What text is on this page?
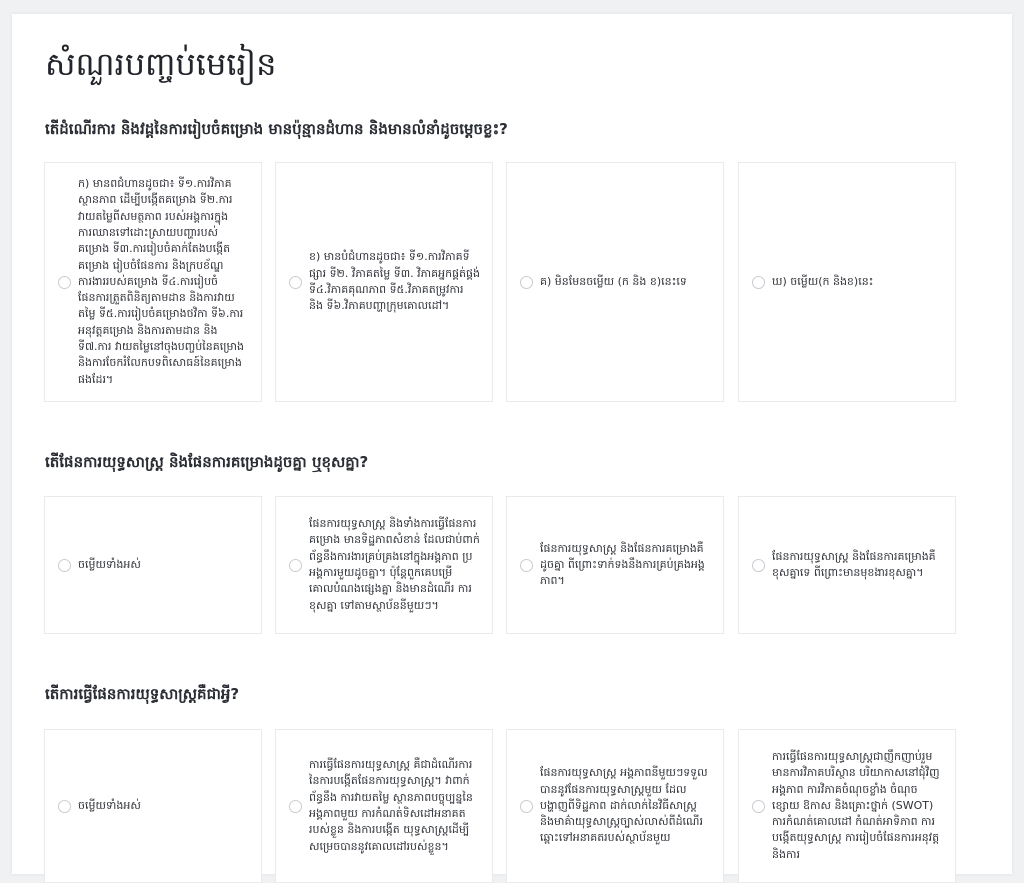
សំណួរបញ្ចប់មេរៀន
តើដំណើរការ និងវដ្តនៃការរៀបចំគម្រោង មានប៉ុន្មានដំហាន និងមានលំនាំដូចម្ដេចខ្លះ?
ក) មានពជំហានដូចជា៖ ទី១.ការវិភាគស្ថានភាព ដើម្បីបង្កើតគម្រោង ទី២.ការវាយតម្លៃពីសមត្ថភាព របស់អង្គការក្នុងការឈានទៅដោះស្រាយបញ្ហារបស់គម្រោង ទី៣.ការរៀបចំគាក់តែងបង្កើតគម្រោង រៀបចំផែនការ និងក្របខ័ណ្ឌការងាររបស់គម្រោង ទី៤.ការរៀបចំផែនការត្រួតពិនិត្យតាមដាន និងការវាយតម្លៃ ទី៥.ការរៀបចំគម្រោងថវិកា ទី៦.ការអនុវត្តគម្រោង និងការតាមដាន និង ទី៧.ការ វាយតម្លៃនៅចុងបញ្ចប់នៃគម្រោង និងការចែករំលែកបទពិសោធន៍នៃគម្រោងផងដែរ។
ខ) មានបំជំហានដូចជា៖ ទី១.ការវិភាគទីផ្សារ ទី២. វិភាគតម្លៃ ទី៣. វិភាគអ្នកផ្គត់ផ្គង់ ទី៤.វិភាគគុណភាព ទី៥.វិភាគតម្រូវការ និង ទី៦.វិភាគបញ្ហាក្រុមគោលដៅ។
គ) មិនមែនចម្លើយ (ក និង ខ)នេះទេ	ឃ) ចម្លើយ(ក និងខ)នេះ
តើផែនការយុទ្ធសាស្ត្រ និងផែនការគម្រោងដូចគ្នា ឬខុសគ្នា?
ចម្លើយទាំងអស់
ផែនការយុទ្ធសាស្ត្រ និងទាំងការធ្វើផែនការគម្រោង មានទិដ្ឋភាពសំខាន់ ដែលជាប់ពាក់ព័ន្ធនឹងការងារគ្រប់គ្រងនៅក្នុងអង្គភាព ប្រអង្គការមួយដូចគ្នា។ ប៉ុន្តែពួកគេបម្រើគោលបំណងផ្សេងគ្នា និងមានដំណើរ ការខុសគ្នា ទៅតាមស្ថាប័ននីមួយៗ។
ផែនការយុទ្ធសាស្ត្រ និងផែនការគម្រោងគឺដូចគ្នា ពីព្រោះទាក់ទងនឹងការគ្រប់គ្រងអង្គភាព។
ផែនការយុទ្ធសាស្ត្រ និងផែនការគម្រោងគឺខុសគ្នាទេ ពីព្រោះមានមុខងារខុសគ្នា។
តើការធ្វើផែនការយុទ្ធសាស្ត្រគឺជាអ្វី?
ចម្លើយទាំងអស់
ការធ្វើផែនការយុទ្ធសាស្ត្រ គឺជាដំណើរការនៃការបង្កើតផែនការយុទ្ធសាស្ត្រ។ វាពាក់ព័ន្ធនឹង ការវាយតម្លៃ ស្ថានភាពបច្ចុប្បន្ននៃអង្គភាពមួយ ការកំណត់ទិសដៅអនាគតរបស់ខ្លួន និងការបង្កើត យុទ្ធសាស្ត្រដើម្បីសម្រេចបាននូវគោលដៅរបស់ខ្លួន។
ផែនការយុទ្ធសាស្ត្រ អង្គភាពនីមួយៗទទួលបាននូវផែនការយុទ្ធសាស្ត្រមួយ ដែលបង្ហាញពីទិដ្ឋភាព ដាក់លាក់នៃវិធីសាស្ត្រ និងមាគ៌ាយុទ្ធសាស្ត្រច្បាស់លាស់ពីដំណើរឆ្ពោះទៅអនាគតរបស់ស្ថាប័នមួយ
ការធ្វើផែនការយុទ្ធសាស្ត្រជាញឹកញាប់រួមមានការវិភាគបរិស្ថាន បរិយាកាសនៅជុំវិញអង្គភាព ការវិភាគចំណុចខ្លាំង ចំណុចខ្សោយ ឱកាស និងគ្រោះថ្នាក់ (SWOT) ការកំណត់គោលដៅ កំណត់អាទិភាព ការបង្កើតយុទ្ធសាស្ត្រ ការរៀបចំផែនការអនុវត្ត និងការ
